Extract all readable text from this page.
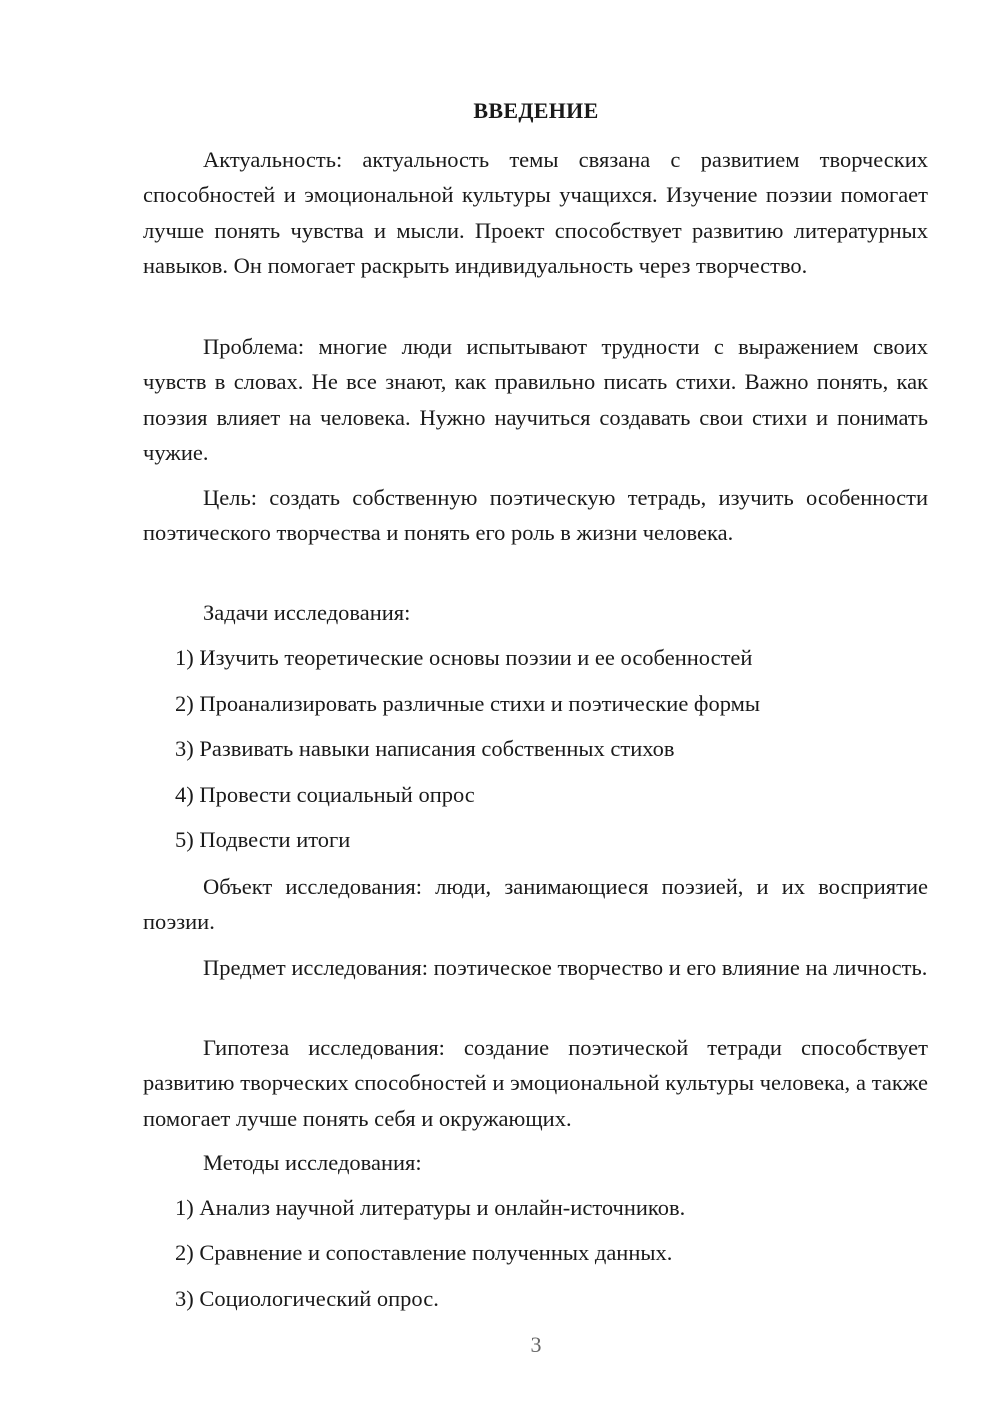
ВВЕДЕНИЕ

Актуальность: актуальность темы связана с развитием творческих способностей и эмоциональной культуры учащихся. Изучение поэзии помогает лучше понять чувства и мысли. Проект способствует развитию литературных навыков. Он помогает раскрыть индивидуальность через творчество.

Проблема: многие люди испытывают трудности с выражением своих чувств в словах. Не все знают, как правильно писать стихи. Важно понять, как поэзия влияет на человека. Нужно научиться создавать свои стихи и понимать чужие.

Цель: создать собственную поэтическую тетрадь, изучить особенности поэтического творчества и понять его роль в жизни человека.

Задачи исследования:
1) Изучить теоретические основы поэзии и ее особенностей
2) Проанализировать различные стихи и поэтические формы
3) Развивать навыки написания собственных стихов
4) Провести социальный опрос
5) Подвести итоги

Объект исследования: люди, занимающиеся поэзией, и их восприятие поэзии.

Предмет исследования: поэтическое творчество и его влияние на личность.

Гипотеза исследования: создание поэтической тетради способствует развитию творческих способностей и эмоциональной культуры человека, а также помогает лучше понять себя и окружающих.

Методы исследования:
1) Анализ научной литературы и онлайн-источников.
2) Сравнение и сопоставление полученных данных.
3) Социологический опрос.
3
